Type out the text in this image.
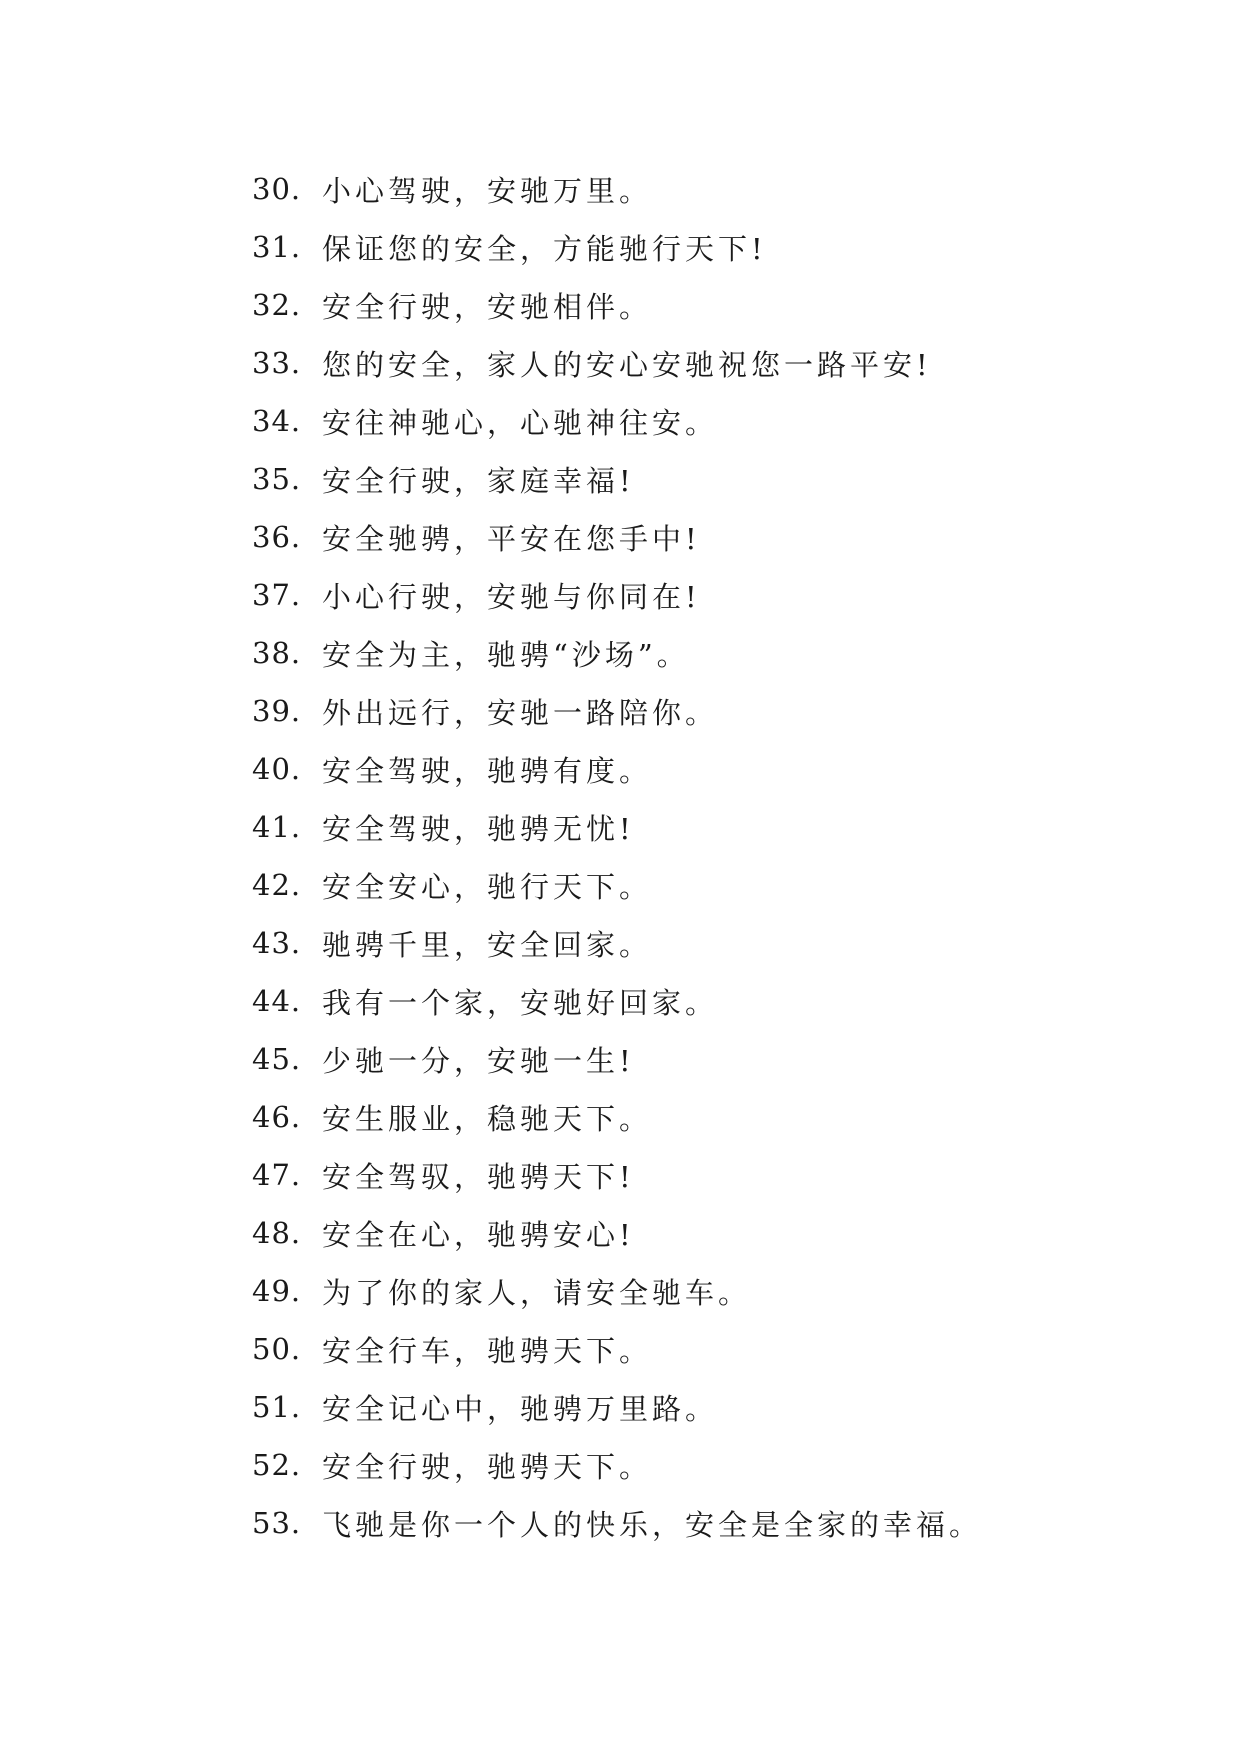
30. 小心驾驶，安驰万里。
31. 保证您的安全，方能驰行天下!
32. 安全行驶，安驰相伴。
33. 您的安全，家人的安心安驰祝您一路平安!
34. 安往神驰心，心驰神往安。
35. 安全行驶，家庭幸福!
36. 安全驰骋，平安在您手中!
37. 小心行驶，安驰与你同在!
38. 安全为主，驰骋“沙场”。
39. 外出远行，安驰一路陪你。
40. 安全驾驶，驰骋有度。
41. 安全驾驶，驰骋无忧!
42. 安全安心，驰行天下。
43. 驰骋千里，安全回家。
44. 我有一个家，安驰好回家。
45. 少驰一分，安驰一生!
46. 安生服业，稳驰天下。
47. 安全驾驭，驰骋天下!
48. 安全在心，驰骋安心!
49. 为了你的家人，请安全驰车。
50. 安全行车，驰骋天下。
51. 安全记心中，驰骋万里路。
52. 安全行驶，驰骋天下。
53. 飞驰是你一个人的快乐，安全是全家的幸福。
